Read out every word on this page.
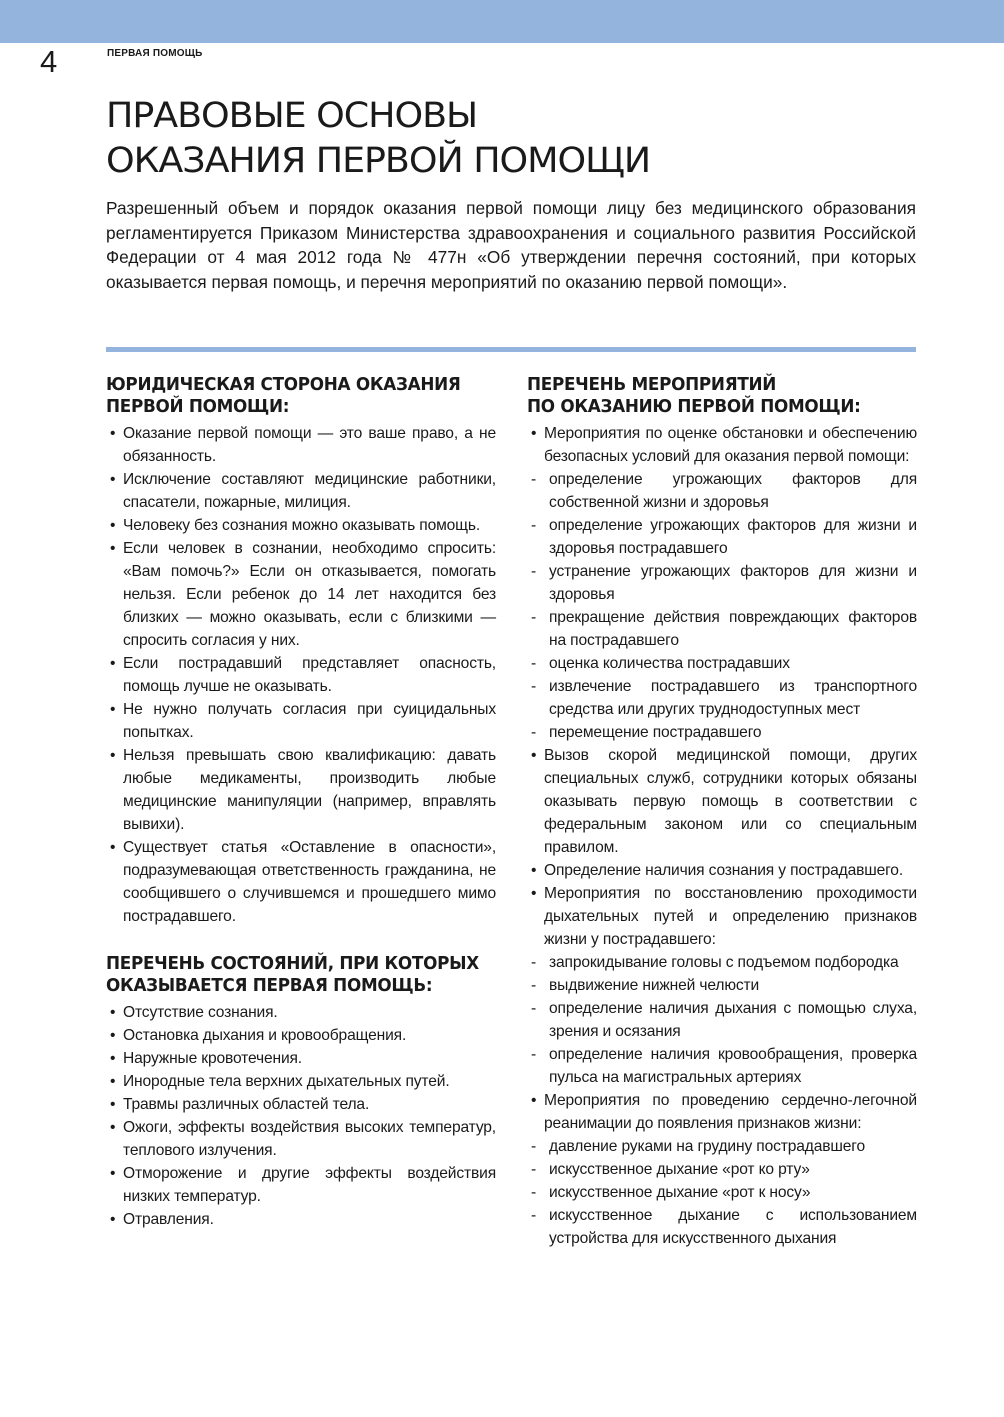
4	ПЕРВАЯ ПОМОЩЬ
ПРАВОВЫЕ ОСНОВЫ
ОКАЗАНИЯ ПЕРВОЙ ПОМОЩИ

Разрешенный объем и порядок оказания первой помощи лицу без медицинского образования регламентируется Приказом Министерства здравоохранения и социального развития Российской Федерации от 4 мая 2012 года № 477н «Об утверждении перечня состояний, при которых оказывается первая помощь, и перечня мероприятий по оказанию первой помощи».

ЮРИДИЧЕСКАЯ СТОРОНА ОКАЗАНИЯ
ПЕРВОЙ ПОМОЩИ:
• Оказание первой помощи — это ваше право, а не обязанность.
• Исключение составляют медицинские работники, спасатели, пожарные, милиция.
• Человеку без сознания можно оказывать помощь.
• Если человек в сознании, необходимо спросить: «Вам помочь?» Если он отказывается, помогать нельзя. Если ребенок до 14 лет находится без близких — можно оказывать, если с близкими — спросить согласия у них.
• Если пострадавший представляет опасность, помощь лучше не оказывать.
• Не нужно получать согласия при суицидальных попытках.
• Нельзя превышать свою квалификацию: давать любые медикаменты, производить любые медицинские манипуляции (например, вправлять вывихи).
• Существует статья «Оставление в опасности», подразумевающая ответственность гражданина, не сообщившего о случившемся и прошедшего мимо пострадавшего.
ПЕРЕЧЕНЬ СОСТОЯНИЙ, ПРИ КОТОРЫХ
ОКАЗЫВАЕТСЯ ПЕРВАЯ ПОМОЩЬ:
• Отсутствие сознания.
• Остановка дыхания и кровообращения.
• Наружные кровотечения.
• Инородные тела верхних дыхательных путей.
• Травмы различных областей тела.
• Ожоги, эффекты воздействия высоких температур, теплового излучения.
• Отморожение и другие эффекты воздействия низких температур.
• Отравления.
ПЕРЕЧЕНЬ МЕРОПРИЯТИЙ
ПО ОКАЗАНИЮ ПЕРВОЙ ПОМОЩИ:
• Мероприятия по оценке обстановки и обеспечению безопасных условий для оказания первой помощи:
- определение угрожающих факторов для собственной жизни и здоровья
- определение угрожающих факторов для жизни и здоровья пострадавшего
- устранение угрожающих факторов для жизни и здоровья
- прекращение действия повреждающих факторов на пострадавшего
- оценка количества пострадавших
- извлечение пострадавшего из транспортного средства или других труднодоступных мест
- перемещение пострадавшего
• Вызов скорой медицинской помощи, других специальных служб, сотрудники которых обязаны оказывать первую помощь в соответствии с федеральным законом или со специальным правилом.
• Определение наличия сознания у пострадавшего.
• Мероприятия по восстановлению проходимости дыхательных путей и определению признаков жизни у пострадавшего:
- запрокидывание головы с подъемом подбородка
- выдвижение нижней челюсти
- определение наличия дыхания с помощью слуха, зрения и осязания
- определение наличия кровообращения, проверка пульса на магистральных артериях
• Мероприятия по проведению сердечно-легочной реанимации до появления признаков жизни:
- давление руками на грудину пострадавшего
- искусственное дыхание «рот ко рту»
- искусственное дыхание «рот к носу»
- искусственное дыхание с использованием устройства для искусственного дыхания
